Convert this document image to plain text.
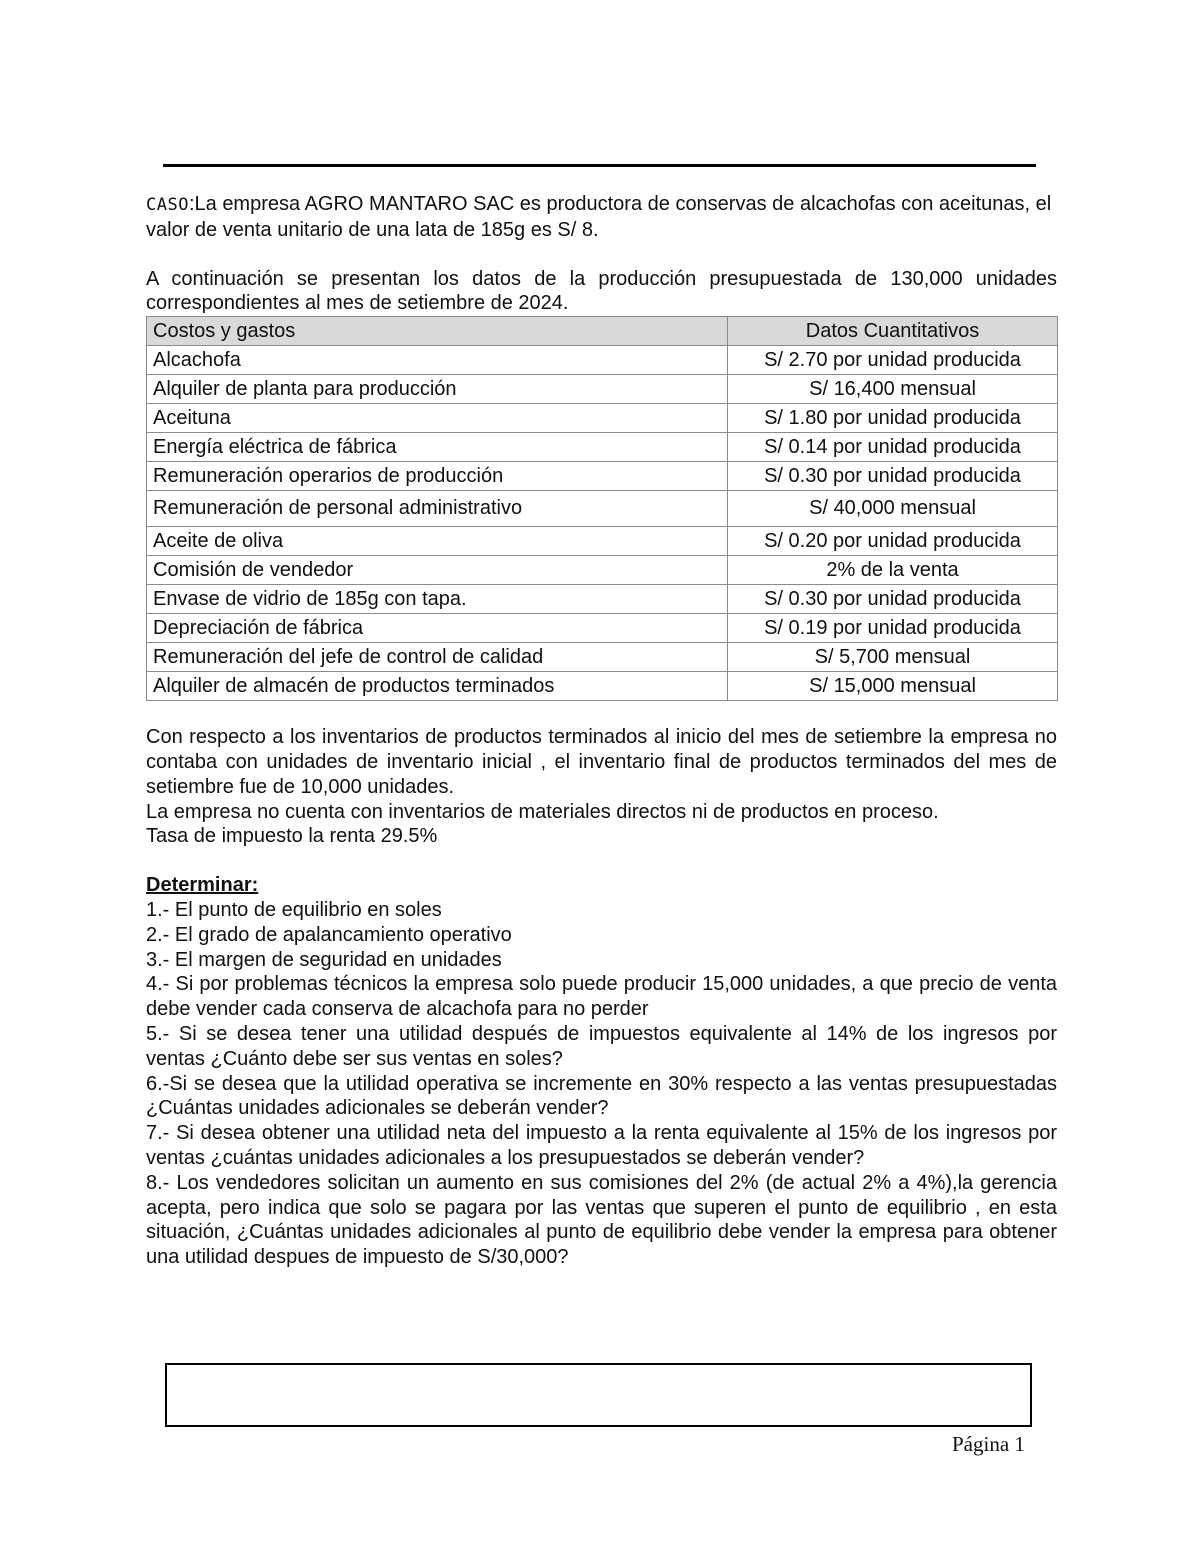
CASO:La empresa AGRO MANTARO SAC es productora de conservas de alcachofas con aceitunas, el valor de venta unitario de una lata de 185g es S/ 8.

A continuación se presentan los datos de la producción presupuestada de 130,000 unidades correspondientes al mes de setiembre de 2024.

Costos y gastos	Datos Cuantitativos
Alcachofa	S/ 2.70 por unidad producida
Alquiler de planta para producción	S/ 16,400 mensual
Aceituna	S/ 1.80 por unidad producida
Energía eléctrica de fábrica	S/ 0.14 por unidad producida
Remuneración operarios de producción	S/ 0.30 por unidad producida
Remuneración de personal administrativo	S/ 40,000 mensual
Aceite de oliva	S/ 0.20 por unidad producida
Comisión de vendedor	2% de la venta
Envase de vidrio de 185g con tapa.	S/ 0.30 por unidad producida
Depreciación de fábrica	S/ 0.19 por unidad producida
Remuneración del jefe de control de calidad	S/ 5,700 mensual
Alquiler de almacén de productos terminados	S/ 15,000 mensual

Con respecto a los inventarios de productos terminados al inicio del mes de setiembre la empresa no contaba con unidades de inventario inicial , el inventario final de productos terminados del mes de setiembre fue de 10,000 unidades.

La empresa no cuenta con inventarios de materiales directos ni de productos en proceso.

Tasa de impuesto la renta 29.5%

Determinar:

1.- El punto de equilibrio en soles

2.- El grado de apalancamiento operativo

3.- El margen de seguridad en unidades

4.- Si por problemas técnicos la empresa solo puede producir 15,000 unidades, a que precio de venta debe vender cada conserva de alcachofa para no perder

5.- Si se desea tener una utilidad después de impuestos equivalente al 14% de los ingresos por ventas ¿Cuánto debe ser sus ventas en soles?

6.-Si se desea que la utilidad operativa se incremente en 30% respecto a las ventas presupuestadas ¿Cuántas unidades adicionales se deberán vender?

7.- Si desea obtener una utilidad neta del impuesto a la renta equivalente al 15% de los ingresos por ventas ¿cuántas unidades adicionales a los presupuestados se deberán vender?

8.- Los vendedores solicitan un aumento en sus comisiones del 2% (de actual 2% a 4%),la gerencia acepta, pero indica que solo se pagara por las ventas que superen el punto de equilibrio , en esta situación, ¿Cuántas unidades adicionales al punto de equilibrio debe vender la empresa para obtener una utilidad despues de impuesto de S/30,000?

Página 1
